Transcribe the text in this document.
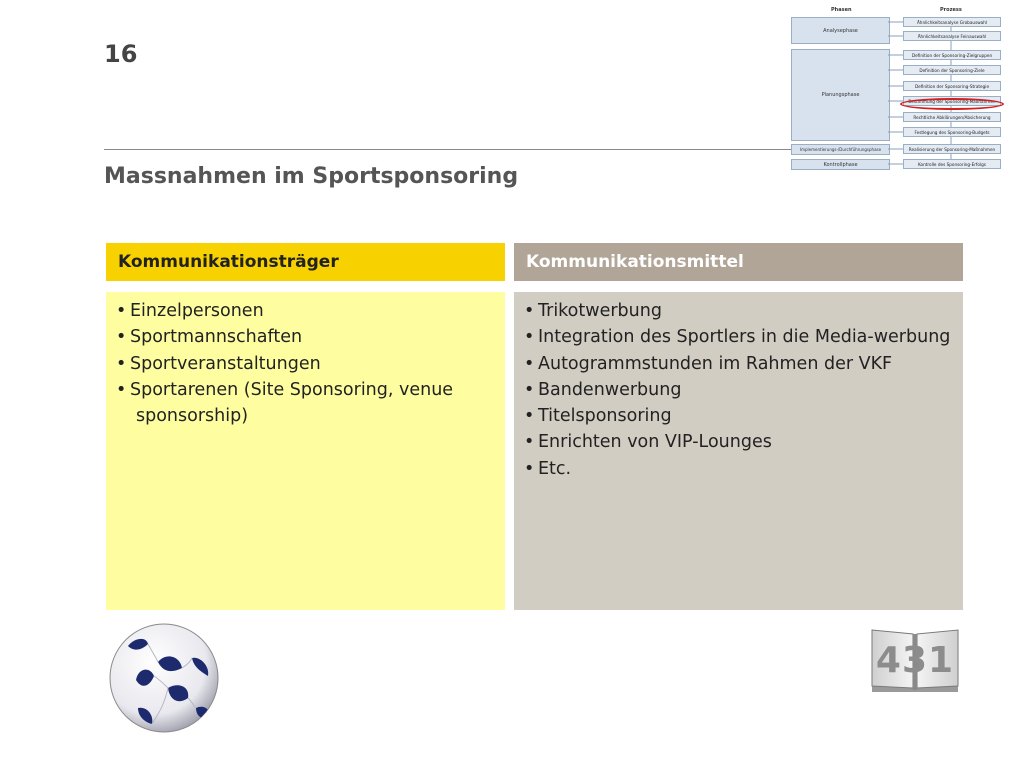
16
Massnahmen im Sportsponsoring
Phasen	Prozess
Analysephase
Planungsphase
Implementierungs-/Durchführungsphase
Kontrollphase
Ähnlichkeitsanalyse Grobauswahl
Ähnlichkeitsanalyse Feinauswahl
Definition der Sponsoring-Zielgruppen
Definition der Sponsoring-Ziele
Definition der Sponsoring-Strategie
Bestimmung der Sponsoring-Maßnahmen
Rechtliche Abklärungen/Absicherung
Festlegung des Sponsoring-Budgets
Realisierung der Sponsoring-Maßnahmen
Kontrolle des Sponsoring-Erfolgs
Kommunikationsträger
• Einzelpersonen
• Sportmannschaften
• Sportveranstaltungen
• Sportarenen (Site Sponsoring, venue sponsorship)
Kommunikationsmittel
• Trikotwerbung
• Integration des Sportlers in die Media-werbung
• Autogrammstunden im Rahmen der VKF
• Bandenwerbung
• Titelsponsoring
• Enrichten von VIP-Lounges
• Etc.
431
